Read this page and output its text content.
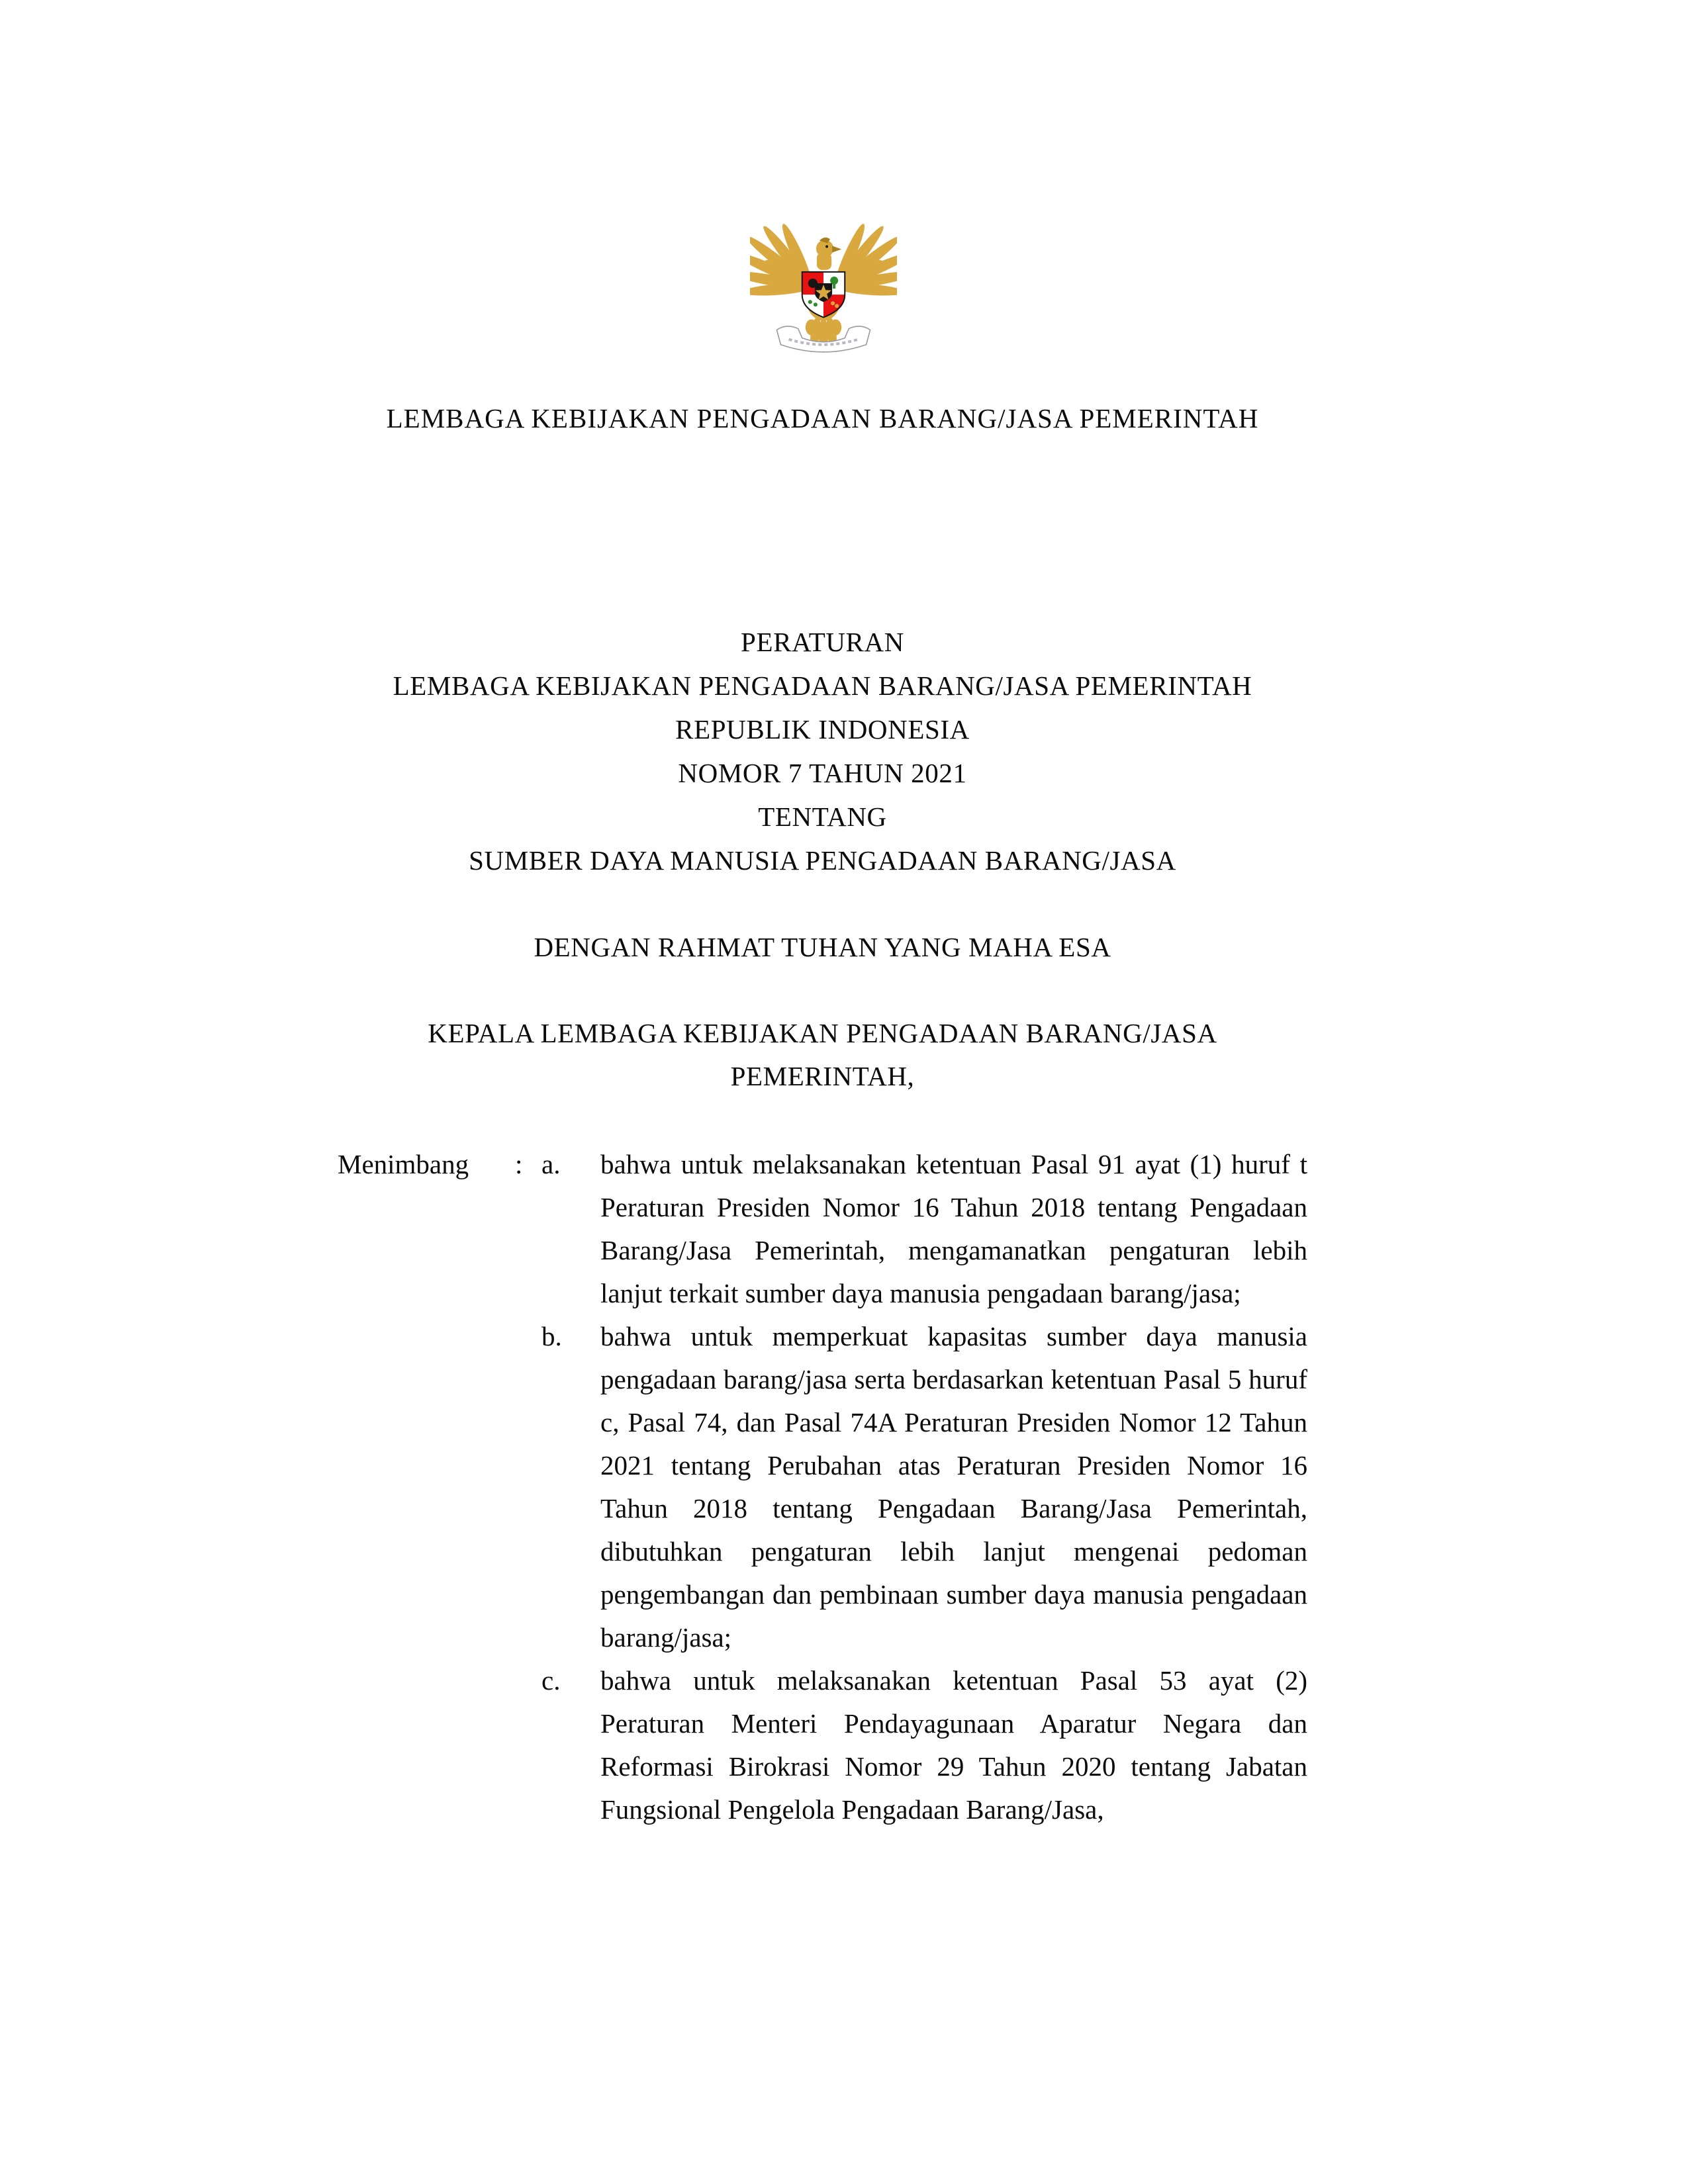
LEMBAGA KEBIJAKAN PENGADAAN BARANG/JASA PEMERINTAH
PERATURAN
LEMBAGA KEBIJAKAN PENGADAAN BARANG/JASA PEMERINTAH
REPUBLIK INDONESIA
NOMOR 7 TAHUN 2021
TENTANG
SUMBER DAYA MANUSIA PENGADAAN BARANG/JASA
DENGAN RAHMAT TUHAN YANG MAHA ESA
KEPALA LEMBAGA KEBIJAKAN PENGADAAN BARANG/JASA PEMERINTAH,
Menimbang	: a.	bahwa untuk melaksanakan ketentuan Pasal 91 ayat (1) huruf t Peraturan Presiden Nomor 16 Tahun 2018 tentang Pengadaan Barang/Jasa Pemerintah, mengamanatkan pengaturan lebih lanjut terkait sumber daya manusia pengadaan barang/jasa;
b.	bahwa untuk memperkuat kapasitas sumber daya manusia pengadaan barang/jasa serta berdasarkan ketentuan Pasal 5 huruf c, Pasal 74, dan Pasal 74A Peraturan Presiden Nomor 12 Tahun 2021 tentang Perubahan atas Peraturan Presiden Nomor 16 Tahun 2018 tentang Pengadaan Barang/Jasa Pemerintah, dibutuhkan pengaturan lebih lanjut mengenai pedoman pengembangan dan pembinaan sumber daya manusia pengadaan barang/jasa;
c.	bahwa untuk melaksanakan ketentuan Pasal 53 ayat (2) Peraturan Menteri Pendayagunaan Aparatur Negara dan Reformasi Birokrasi Nomor 29 Tahun 2020 tentang Jabatan Fungsional Pengelola Pengadaan Barang/Jasa,
